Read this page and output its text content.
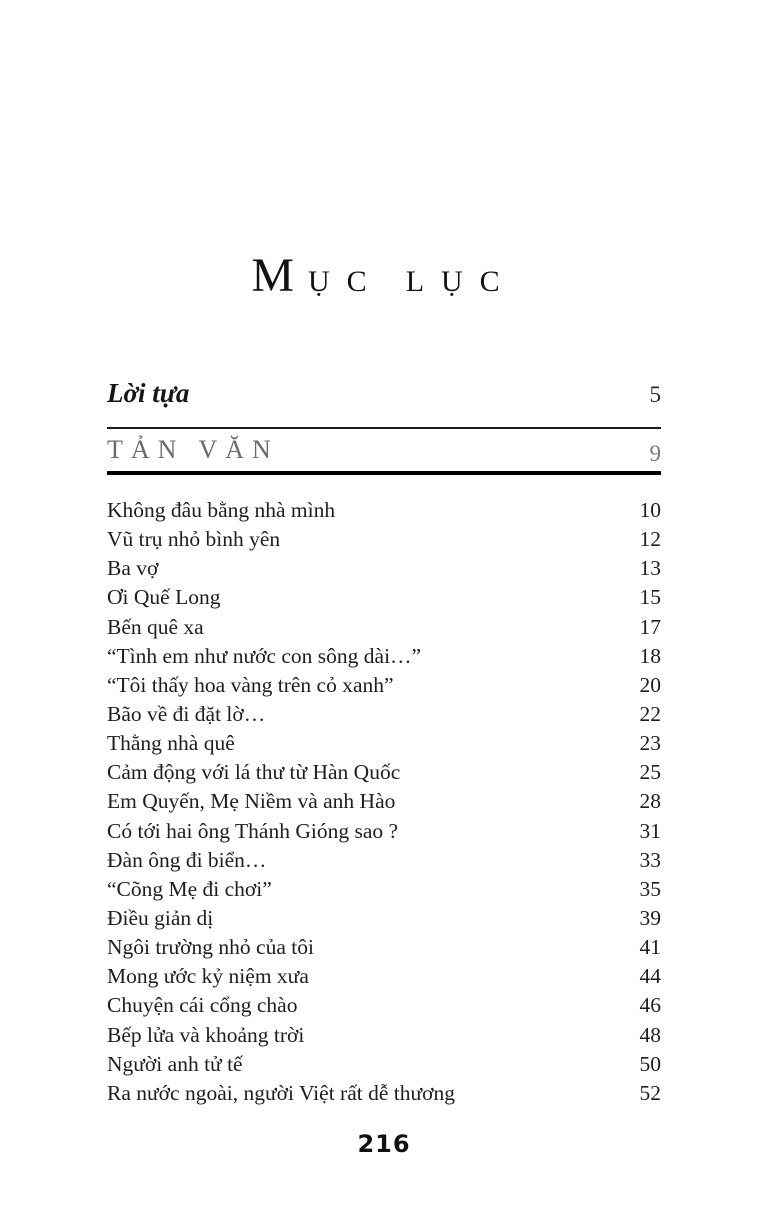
MỤC LỤC
Lời tựa	5
TẢN VĂN	9
Không đâu bằng nhà mình	10
Vũ trụ nhỏ bình yên	12
Ba vợ	13
Ơi Quế Long	15
Bến quê xa	17
“Tình em như nước con sông dài…”	18
“Tôi thấy hoa vàng trên cỏ xanh”	20
Bão về đi đặt lờ…	22
Thằng nhà quê	23
Cảm động với lá thư từ Hàn Quốc	25
Em Quyến, Mẹ Niềm và anh Hào	28
Có tới hai ông Thánh Gióng sao ?	31
Đàn ông đi biển…	33
“Cõng Mẹ đi chơi”	35
Điều giản dị	39
Ngôi trường nhỏ của tôi	41
Mong ước kỷ niệm xưa	44
Chuyện cái cổng chào	46
Bếp lửa và khoảng trời	48
Người anh tử tế	50
Ra nước ngoài, người Việt rất dễ thương	52
216
